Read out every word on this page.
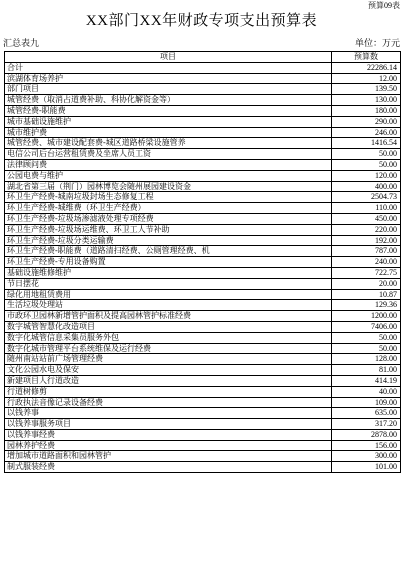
预算09表
XX部门XX年财政专项支出预算表
汇总表九	单位：万元
项目	预算数
合计	22286.14
滨湖体育场养护	12.00
部门项目	139.50
城管经费（取消占道费补助、科协化解资金等）	130.00
城管经费-职能费	180.00
城市基础设施维护	290.00
城市维护费	246.00
城管经费、城市建设配套费-城区道路桥梁设施管养	1416.54
电信公司后台运营租赁费及坐席人员工资	50.00
法律顾问费	50.00
公园电费与维护	120.00
湖北省第三届（荆门）园林博览会随州展园建设资金	400.00
环卫生产经费-城南垃圾封场生态修复工程	2504.73
环卫生产经费-城维费（环卫生产经费）	110.00
环卫生产经费-垃圾场渗滤液处理专项经费	450.00
环卫生产经费-垃圾场运维费、环卫工人节补助	220.00
环卫生产经费-垃圾分类运输费	192.00
环卫生产经费-职能费（道路清扫经费、公厕管理经费、机	787.00
环卫生产经费-专用设备购置	240.00
基础设施维修维护	722.75
节日摆花	20.00
绿化用地租赁费用	10.87
生活垃圾处理站	129.36
市政环卫园林新增管护面积及提高园林管护标准经费	1200.00
数字城管智慧化改造项目	7406.00
数字化城管信息采集员服务外包	50.00
数字化城市管理平台系统维保及运行经费	50.00
随州南站站前广场管理经费	128.00
文化公园水电及保安	81.00
新建项目人行道改造	414.19
行道树修剪	40.00
行政执法音像记录设备经费	109.00
以钱养事	635.00
以钱养事服务项目	317.20
以钱养事经费	2878.00
园林养护经费	156.00
增加城市道路面积和园林管护	300.00
制式服装经费	101.00
